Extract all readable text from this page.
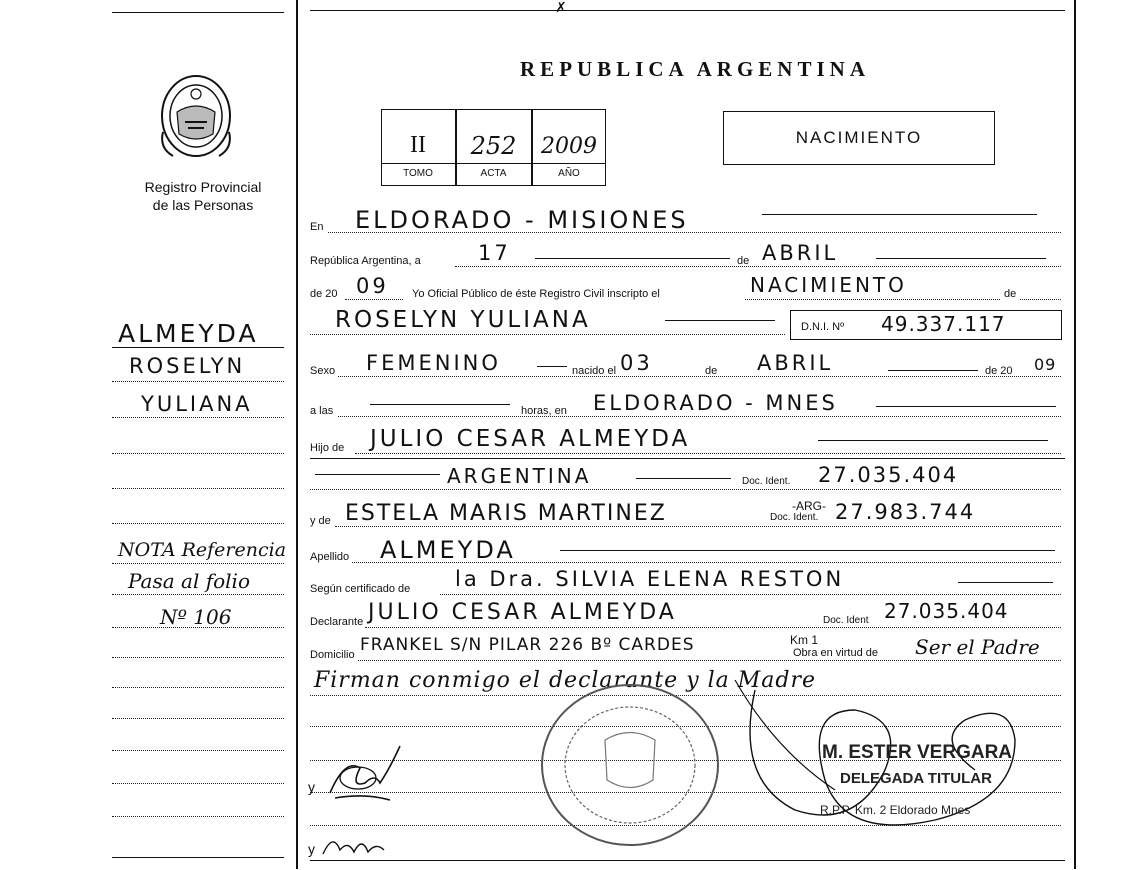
Registro Provincial
de las Personas
REPUBLICA ARGENTINA
II	252	2009
TOMO	ACTA	AÑO
NACIMIENTO
ALMEYDA
ROSELYN
YULIANA
NOTA Referencia
Pasa al folio
Nº 106
En ELDORADO - MISIONES
República Argentina, a	17	de ABRIL
de 20 09 Yo Oficial Público de éste Registro Civil inscripto el	NACIMIENTO	de
ROSELYN YULIANA	D.N.I. Nº 49.337.117
Sexo FEMENINO	nacido el 03	de ABRIL	de 20 09
a las	horas, en ELDORADO - MNES
Hijo de JULIO CESAR ALMEYDA
ARGENTINA	Doc. Ident. 27.035.404
y de ESTELA MARIS MARTINEZ	-ARG-
Doc. Ident. 27.983.744
Apellido ALMEYDA
Según certificado de la Dra. SILVIA ELENA RESTON
Declarante JULIO CESAR ALMEYDA	Doc. Ident 27.035.404
Domicilio FRANKEL S/N PILAR 226 Bº CARDES	Km 1
Obra en virtud de Ser el Padre
Firman conmigo el declarante y la Madre
y
y
M. ESTER VERGARA
DELEGADA TITULAR
R.P.P. Km. 2 Eldorado Mnes
✗
